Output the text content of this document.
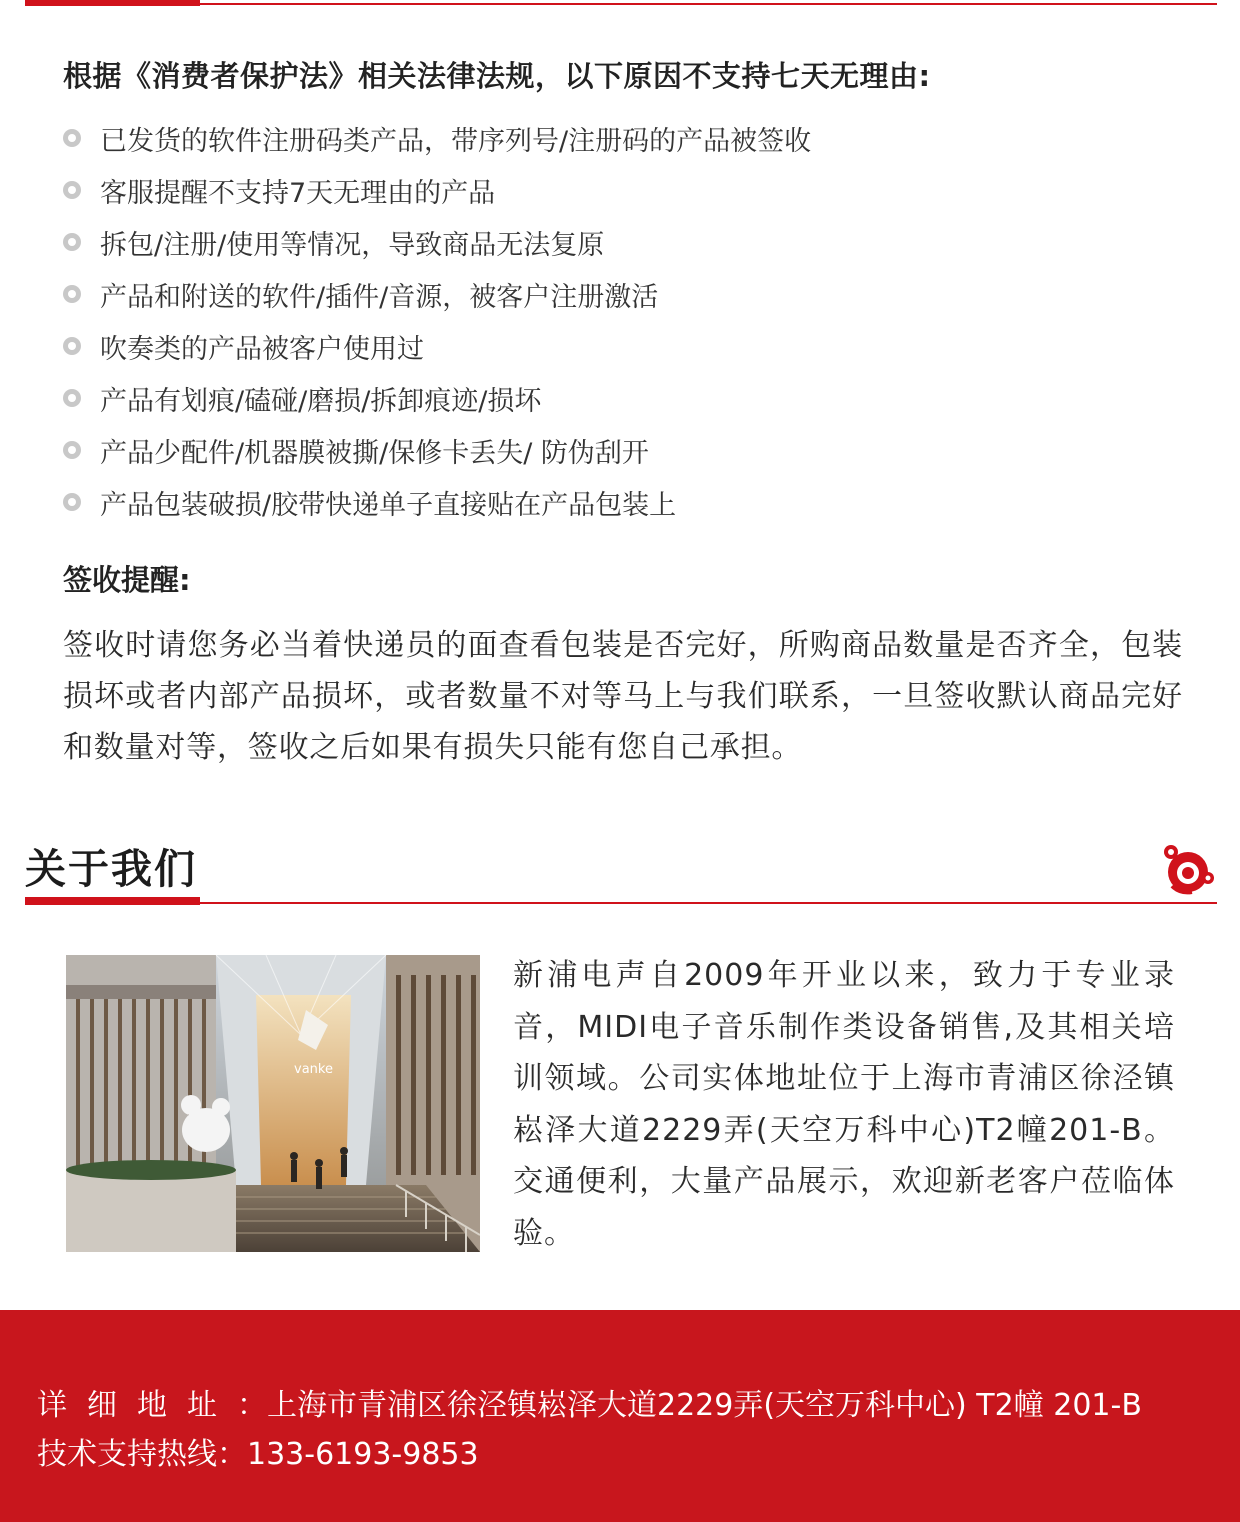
根据《消费者保护法》相关法律法规，以下原因不支持七天无理由:
已发货的软件注册码类产品，带序列号/注册码的产品被签收
客服提醒不支持7天无理由的产品
拆包/注册/使用等情况，导致商品无法复原
产品和附送的软件/插件/音源，被客户注册激活
吹奏类的产品被客户使用过
产品有划痕/磕碰/磨损/拆卸痕迹/损坏
产品少配件/机器膜被撕/保修卡丢失/ 防伪刮开
产品包装破损/胶带快递单子直接贴在产品包装上
签收提醒:
签收时请您务必当着快递员的面查看包装是否完好，所购商品数量是否齐全，包装损坏或者内部产品损坏，或者数量不对等马上与我们联系，一旦签收默认商品完好和数量对等，签收之后如果有损失只能有您自己承担。
关于我们
vanke
新浦电声自2009年开业以来，致力于专业录音，MIDI电子音乐制作类设备销售,及其相关培训领域。公司实体地址位于上海市青浦区徐泾镇崧泽大道2229弄(天空万科中心)T2幢201-B。交通便利，大量产品展示，欢迎新老客户莅临体验。
详细地址：上海市青浦区徐泾镇崧泽大道2229弄(天空万科中心) T2幢 201-B
技术支持热线：133-6193-9853
